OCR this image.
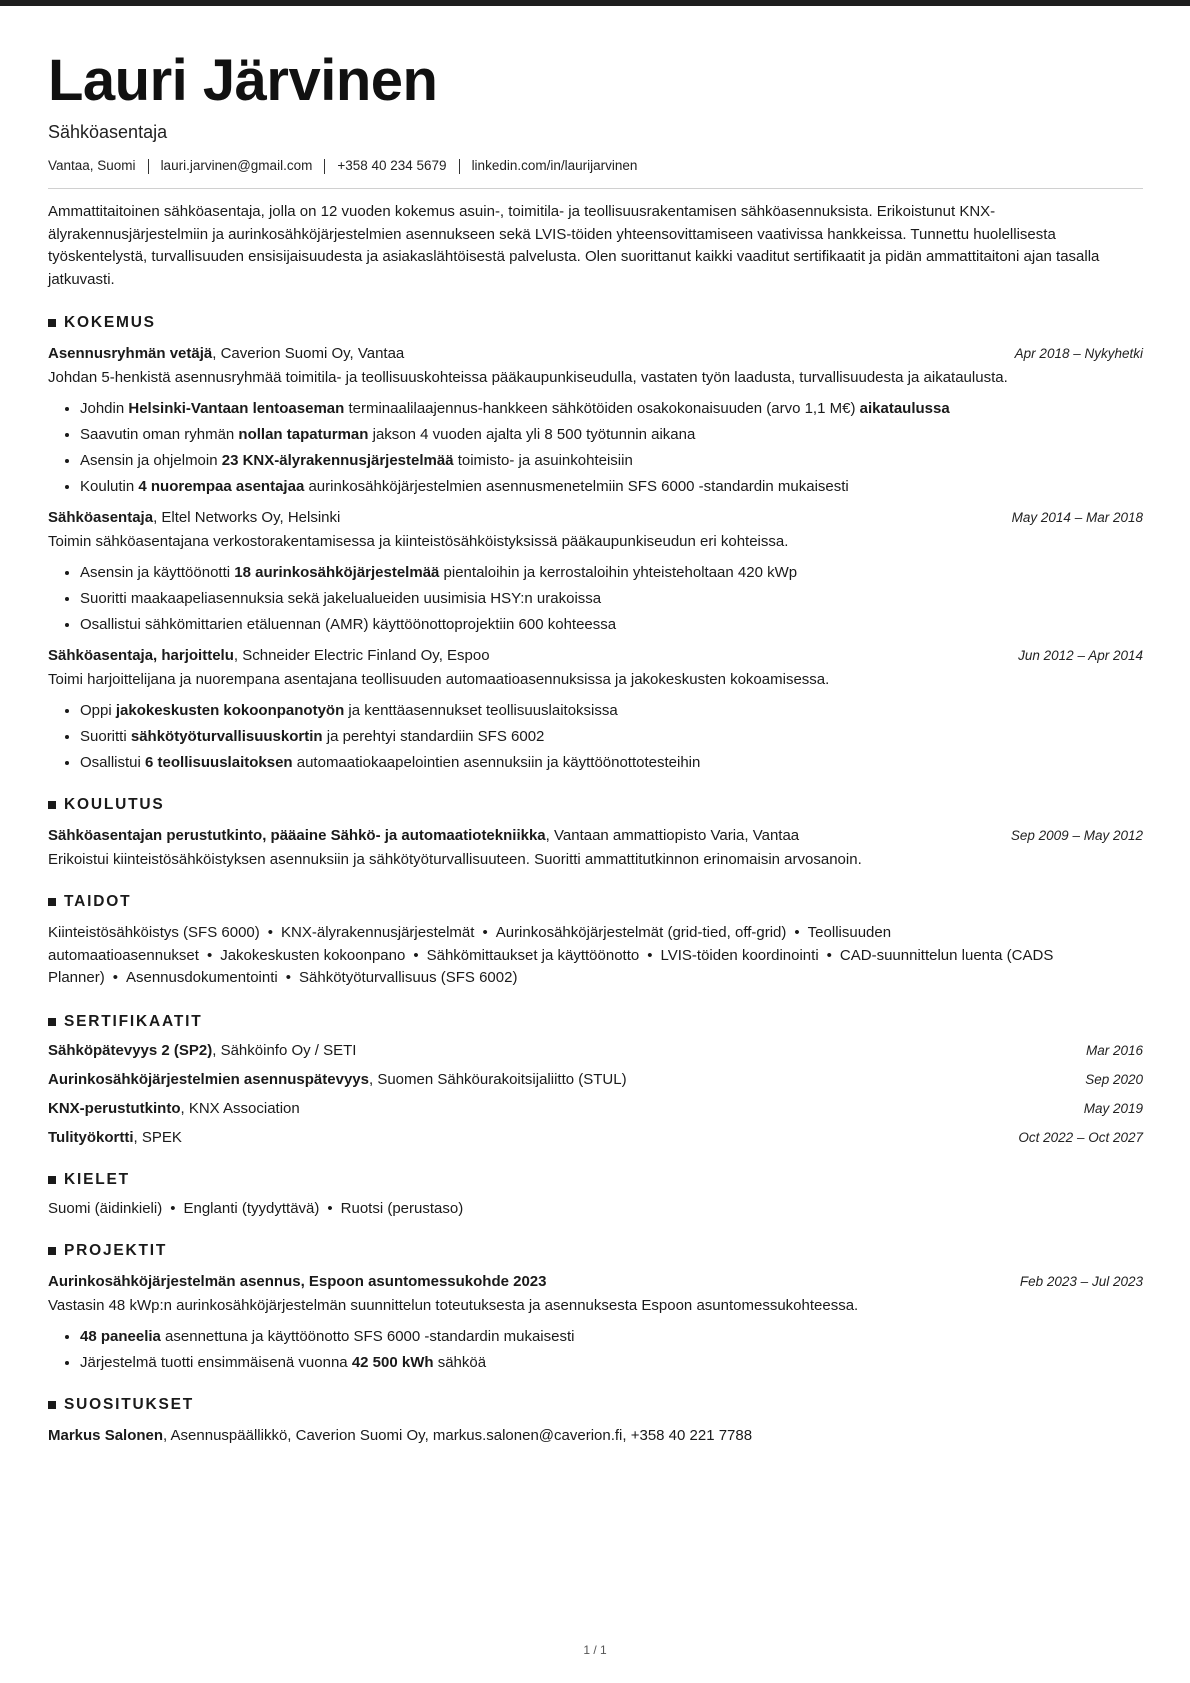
Lauri Järvinen
Sähköasentaja
Vantaa, Suomi lauri.jarvinen@gmail.com +358 40 234 5679 linkedin.com/in/laurijarvinen
Ammattitaitoinen sähköasentaja, jolla on 12 vuoden kokemus asuin-, toimitila- ja teollisuusrakentamisen sähköasennuksista. Erikoistunut KNX-älyrakennusjärjestelmiin ja aurinkosähköjärjestelmien asennukseen sekä LVIS-töiden yhteensovittamiseen vaativissa hankkeissa. Tunnettu huolellisesta työskentelystä, turvallisuuden ensisijaisuudesta ja asiakaslähtöisestä palvelusta. Olen suorittanut kaikki vaaditut sertifikaatit ja pidän ammattitaitoni ajan tasalla jatkuvasti.
KOKEMUS
Asennusryhmän vetäjä, Caverion Suomi Oy, Vantaa	Apr 2018 – Nykyhetki
Johdan 5-henkistä asennusryhmää toimitila- ja teollisuuskohteissa pääkaupunkiseudulla, vastaten työn laadusta, turvallisuudesta ja aikataulusta.
• Johdin Helsinki-Vantaan lentoaseman terminaalilaajennus-hankkeen sähkötöiden osakokonaisuuden (arvo 1,1 M€) aikataulussa
• Saavutin oman ryhmän nollan tapaturman jakson 4 vuoden ajalta yli 8 500 työtunnin aikana
• Asensin ja ohjelmoin 23 KNX-älyrakennusjärjestelmää toimisto- ja asuinkohteisiin
• Koulutin 4 nuorempaa asentajaa aurinkosähköjärjestelmien asennusmenetelmiin SFS 6000 -standardin mukaisesti
Sähköasentaja, Eltel Networks Oy, Helsinki	May 2014 – Mar 2018
Toimin sähköasentajana verkostorakentamisessa ja kiinteistösähköistyksissä pääkaupunkiseudun eri kohteissa.
• Asensin ja käyttöönotti 18 aurinkosähköjärjestelmää pientaloihin ja kerrostaloihin yhteisteholtaan 420 kWp
• Suoritti maakaapeliasennuksia sekä jakelualueiden uusimisia HSY:n urakoissa
• Osallistui sähkömittarien etäluennan (AMR) käyttöönottoprojektiin 600 kohteessa
Sähköasentaja, harjoittelu, Schneider Electric Finland Oy, Espoo	Jun 2012 – Apr 2014
Toimi harjoittelijana ja nuorempana asentajana teollisuuden automaatioasennuksissa ja jakokeskusten kokoamisessa.
• Oppi jakokeskusten kokoonpanotyön ja kenttäasennukset teollisuuslaitoksissa
• Suoritti sähkötyöturvallisuuskortin ja perehtyi standardiin SFS 6002
• Osallistui 6 teollisuuslaitoksen automaatiokaapelointien asennuksiin ja käyttöönottotesteihin
KOULUTUS
Sähköasentajan perustutkinto, pääaine Sähkö- ja automaatiotekniikka, Vantaan ammattiopisto Varia, Vantaa	Sep 2009 – May 2012
Erikoistui kiinteistösähköistyksen asennuksiin ja sähkötyöturvallisuuteen. Suoritti ammattitutkinnon erinomaisin arvosanoin.
TAIDOT
Kiinteistösähköistys (SFS 6000) • KNX-älyrakennusjärjestelmät • Aurinkosähköjärjestelmät (grid-tied, off-grid) • Teollisuuden automaatioasennukset • Jakokeskusten kokoonpano • Sähkömittaukset ja käyttöönotto • LVIS-töiden koordinointi • CAD-suunnittelun luenta (CADS Planner) • Asennusdokumentointi • Sähkötyöturvallisuus (SFS 6002)
SERTIFIKAATIT
Sähköpätevyys 2 (SP2), Sähköinfo Oy / SETI	Mar 2016
Aurinkosähköjärjestelmien asennuspätevyys, Suomen Sähköurakoitsijaliitto (STUL)	Sep 2020
KNX-perustutkinto, KNX Association	May 2019
Tulityökortti, SPEK	Oct 2022 – Oct 2027
KIELET
Suomi (äidinkieli) • Englanti (tyydyttävä) • Ruotsi (perustaso)
PROJEKTIT
Aurinkosähköjärjestelmän asennus, Espoon asuntomessukohde 2023	Feb 2023 – Jul 2023
Vastasin 48 kWp:n aurinkosähköjärjestelmän suunnittelun toteutuksesta ja asennuksesta Espoon asuntomessukohteessa.
• 48 paneelia asennettuna ja käyttöönotto SFS 6000 -standardin mukaisesti
• Järjestelmä tuotti ensimmäisenä vuonna 42 500 kWh sähköä
SUOSITUKSET
Markus Salonen, Asennuspäällikkö, Caverion Suomi Oy, markus.salonen@caverion.fi, +358 40 221 7788
1 / 1
